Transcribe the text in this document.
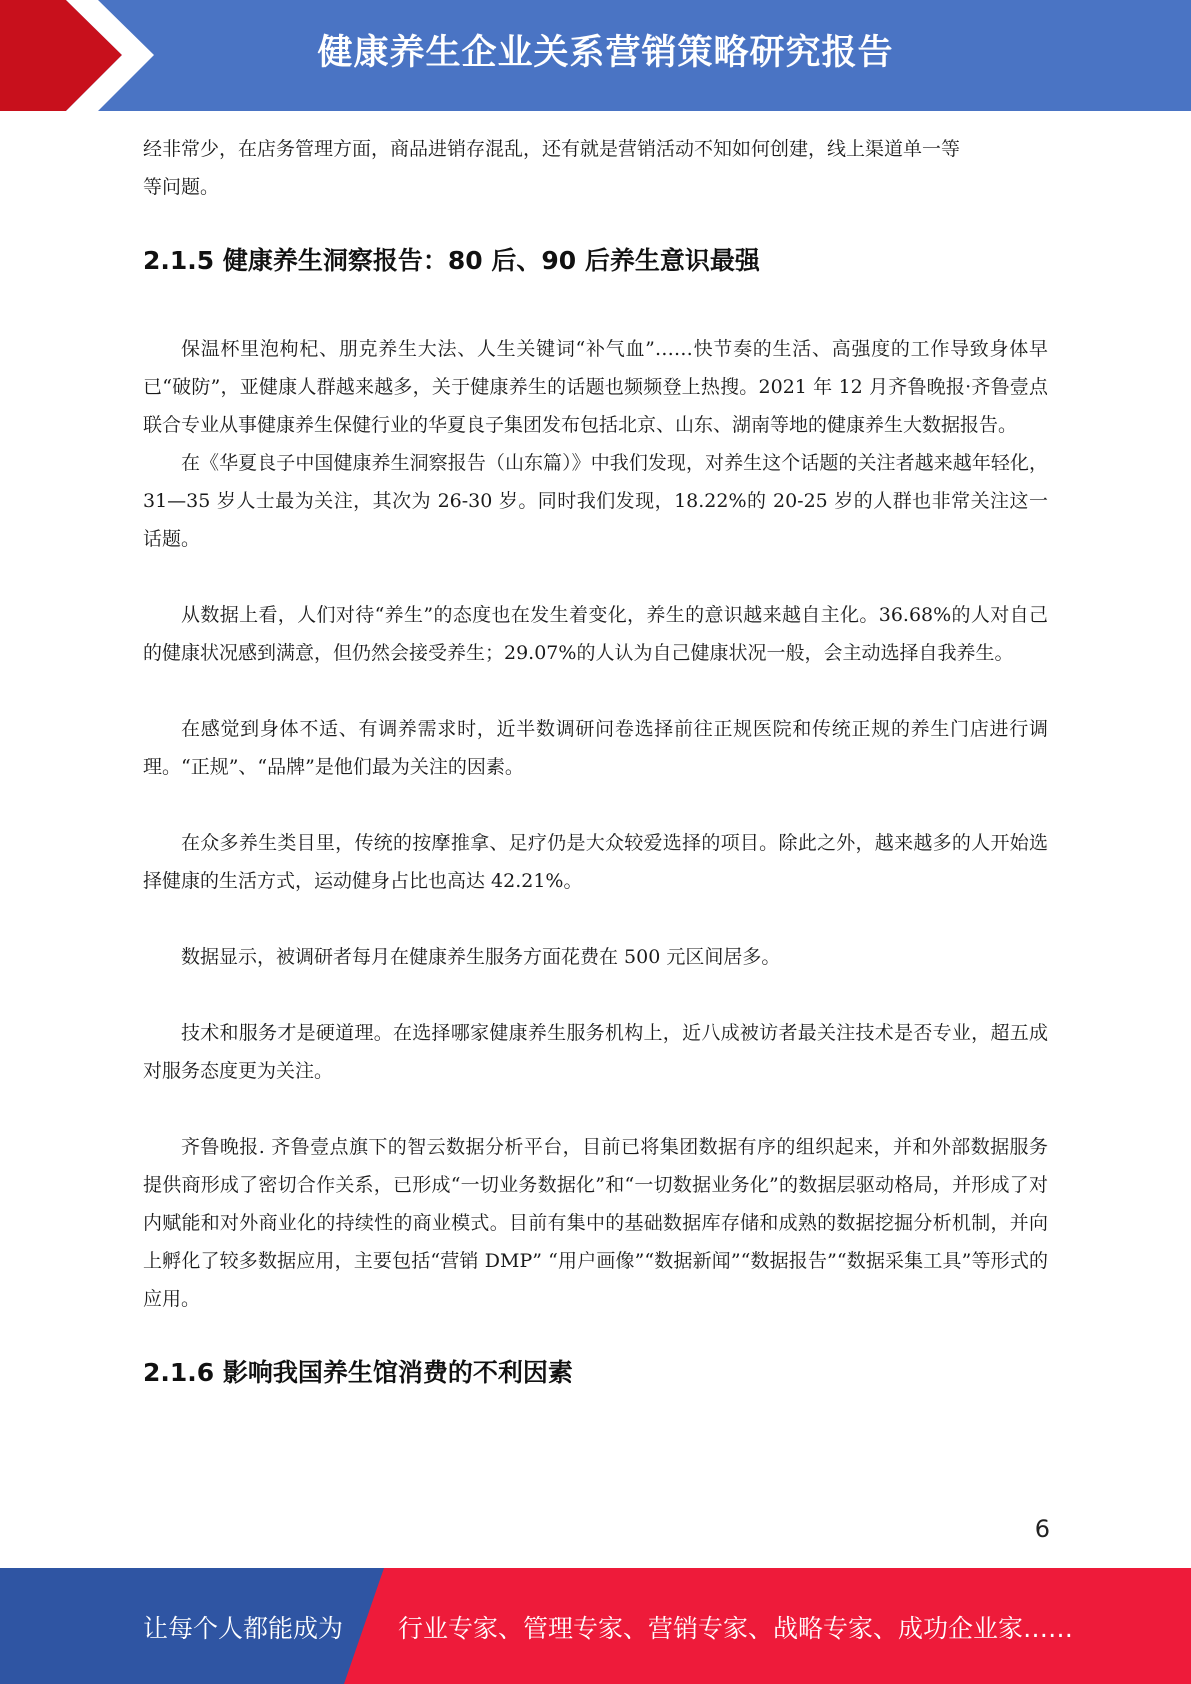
健康养生企业关系营销策略研究报告

经非常少，在店务管理方面，商品进销存混乱，还有就是营销活动不知如何创建，线上渠道单一等
等问题。

2.1.5 健康养生洞察报告：80 后、90 后养生意识最强

保温杯里泡枸杞、朋克养生大法、人生关键词“补气血”……快节奏的生活、高强度的工作导致身体早已“破防”，亚健康人群越来越多，关于健康养生的话题也频频登上热搜。2021 年 12 月齐鲁晚报·齐鲁壹点联合专业从事健康养生保健行业的华夏良子集团发布包括北京、山东、湖南等地的健康养生大数据报告。

在《华夏良子中国健康养生洞察报告（山东篇）》中我们发现，对养生这个话题的关注者越来越年轻化，31—35 岁人士最为关注，其次为 26-30 岁。同时我们发现，18.22%的 20-25 岁的人群也非常关注这一话题。

从数据上看，人们对待“养生”的态度也在发生着变化，养生的意识越来越自主化。36.68%的人对自己的健康状况感到满意，但仍然会接受养生；29.07%的人认为自己健康状况一般，会主动选择自我养生。

在感觉到身体不适、有调养需求时，近半数调研问卷选择前往正规医院和传统正规的养生门店进行调理。“正规”、“品牌”是他们最为关注的因素。

在众多养生类目里，传统的按摩推拿、足疗仍是大众较爱选择的项目。除此之外，越来越多的人开始选择健康的生活方式，运动健身占比也高达 42.21%。

数据显示，被调研者每月在健康养生服务方面花费在 500 元区间居多。

技术和服务才是硬道理。在选择哪家健康养生服务机构上，近八成被访者最关注技术是否专业，超五成对服务态度更为关注。

齐鲁晚报. 齐鲁壹点旗下的智云数据分析平台，目前已将集团数据有序的组织起来，并和外部数据服务提供商形成了密切合作关系，已形成“一切业务数据化”和“一切数据业务化”的数据层驱动格局，并形成了对内赋能和对外商业化的持续性的商业模式。目前有集中的基础数据库存储和成熟的数据挖掘分析机制，并向上孵化了较多数据应用，主要包括“营销 DMP” “用户画像”“数据新闻”“数据报告”“数据采集工具”等形式的应用。

2.1.6 影响我国养生馆消费的不利因素
6
让每个人都能成为 行业专家、管理专家、营销专家、战略专家、成功企业家……
